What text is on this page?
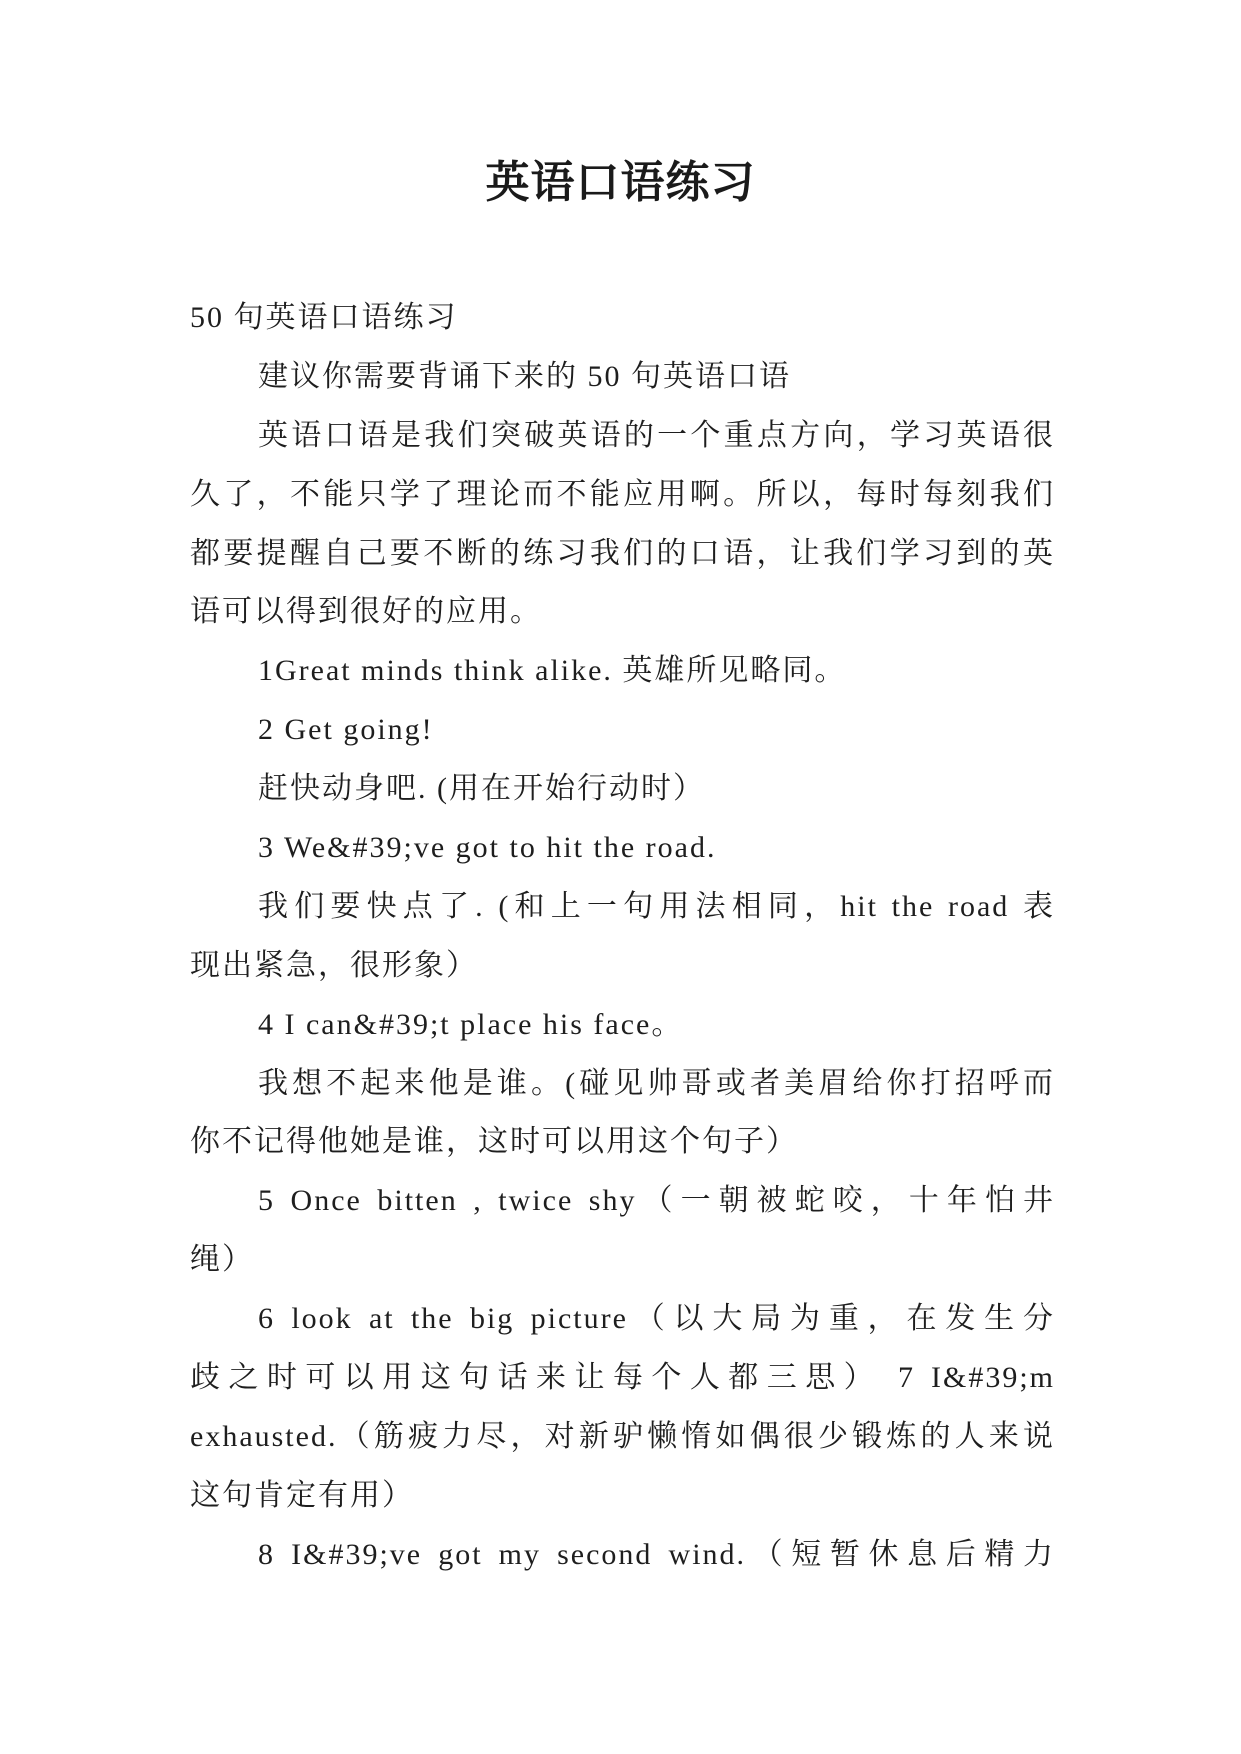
英语口语练习
50 句英语口语练习
建议你需要背诵下来的 50 句英语口语
英语口语是我们突破英语的一个重点方向，学习英语很
久了，不能只学了理论而不能应用啊。所以，每时每刻我们
都要提醒自己要不断的练习我们的口语，让我们学习到的英
语可以得到很好的应用。
1Great minds think alike. 英雄所见略同。
2 Get going!
赶快动身吧. (用在开始行动时）
3 We&#39;ve got to hit the road.
我们要快点了. (和上一句用法相同，hit the road 表
现出紧急，很形象）
4 I can&#39;t place his face。
我想不起来他是谁。(碰见帅哥或者美眉给你打招呼而
你不记得他她是谁，这时可以用这个句子）
5 Once bitten , twice shy（一朝被蛇咬，十年怕井
绳）
6 look at the big picture（以大局为重，在发生分
歧之时可以用这句话来让每个人都三思） 7 I&#39;m
exhausted.（筋疲力尽，对新驴懒惰如偶很少锻炼的人来说
这句肯定有用）
8 I&#39;ve got my second wind.（短暂休息后精力
